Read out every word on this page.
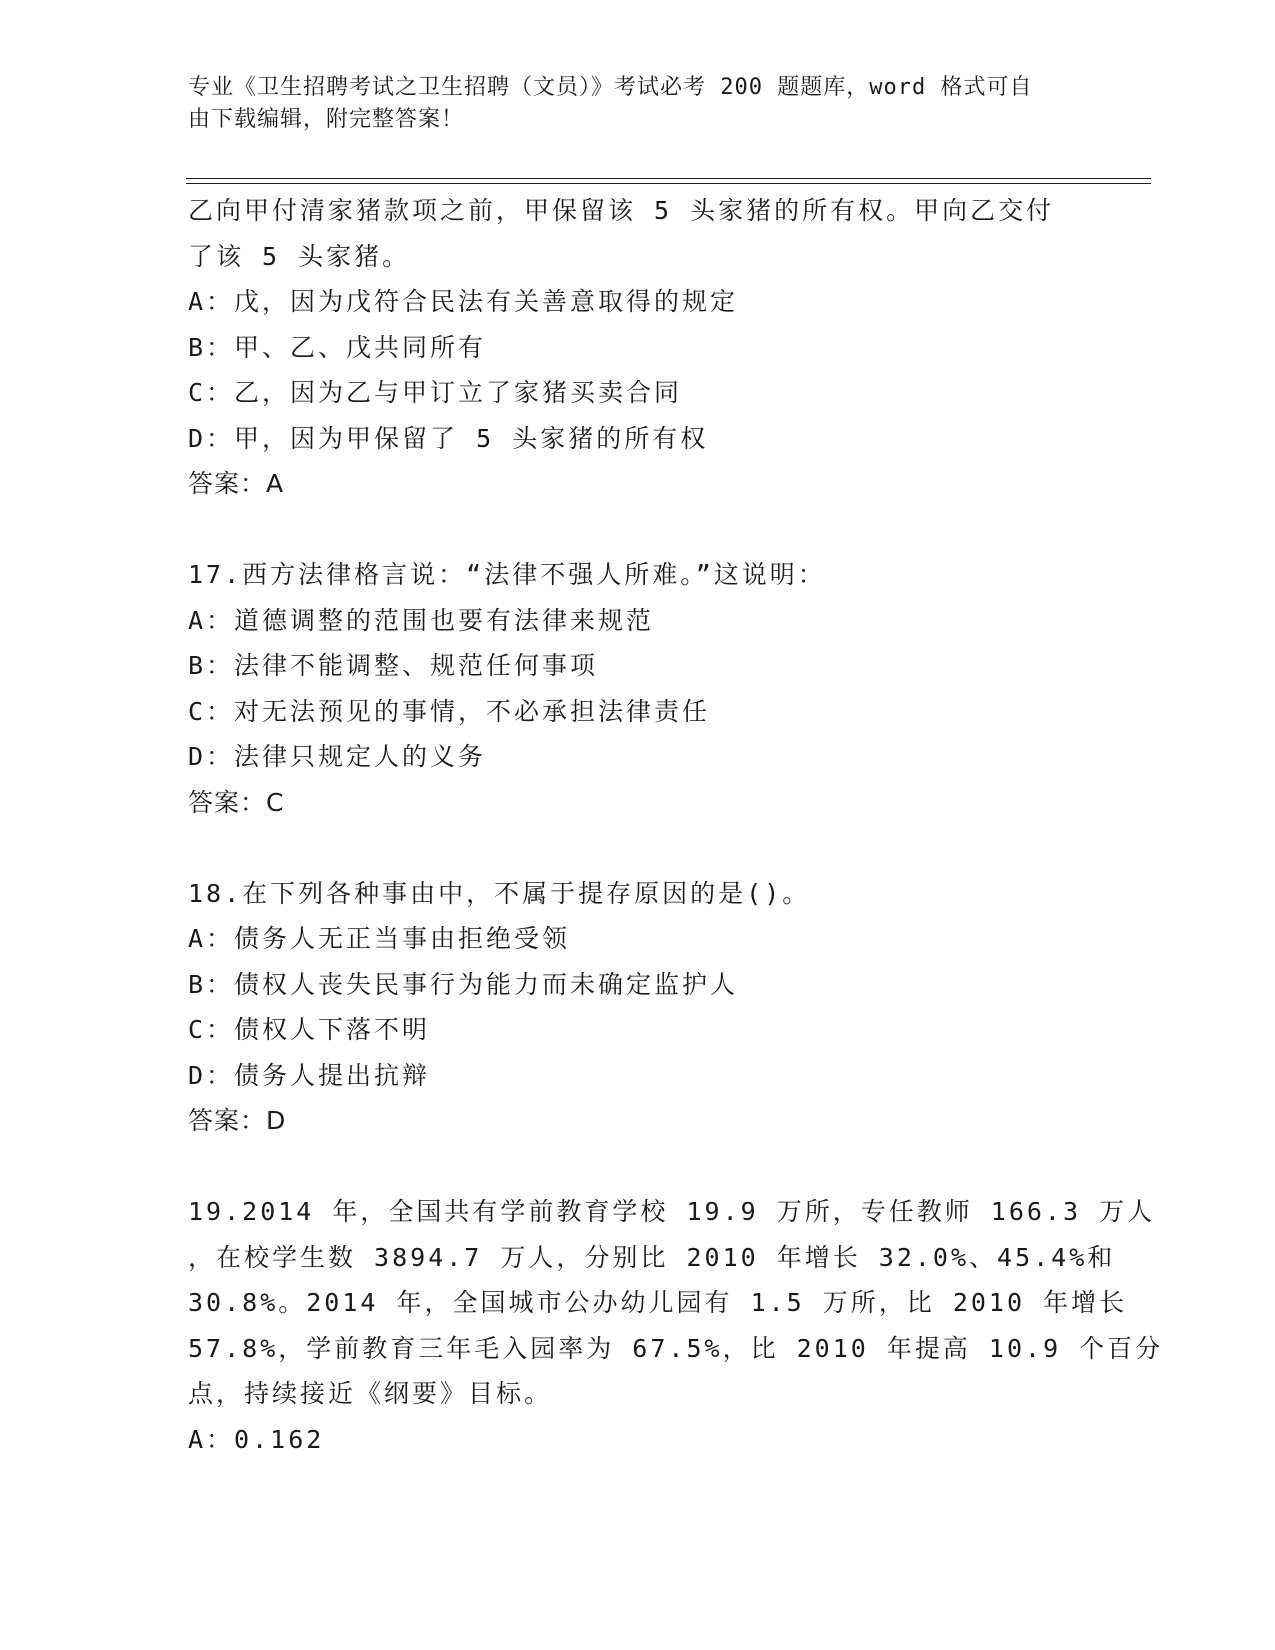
专业《卫生招聘考试之卫生招聘（文员）》考试必考 200 题题库，word 格式可自
由下载编辑，附完整答案！
乙向甲付清家猪款项之前，甲保留该 5 头家猪的所有权。甲向乙交付
了该 5 头家猪。
A：戊，因为戊符合民法有关善意取得的规定
B：甲、乙、戊共同所有
C：乙，因为乙与甲订立了家猪买卖合同
D：甲，因为甲保留了 5 头家猪的所有权
答案：A
17.西方法律格言说：“法律不强人所难。”这说明：
A：道德调整的范围也要有法律来规范
B：法律不能调整、规范任何事项
C：对无法预见的事情，不必承担法律责任
D：法律只规定人的义务
答案：C
18.在下列各种事由中，不属于提存原因的是()。
A：债务人无正当事由拒绝受领
B：债权人丧失民事行为能力而未确定监护人
C：债权人下落不明
D：债务人提出抗辩
答案：D
19.2014 年，全国共有学前教育学校 19.9 万所，专任教师 166.3 万人
，在校学生数 3894.7 万人，分别比 2010 年增长 32.0%、45.4%和
30.8%。2014 年，全国城市公办幼儿园有 1.5 万所，比 2010 年增长
57.8%，学前教育三年毛入园率为 67.5%，比 2010 年提高 10.9 个百分
点，持续接近《纲要》目标。
A：0.162
